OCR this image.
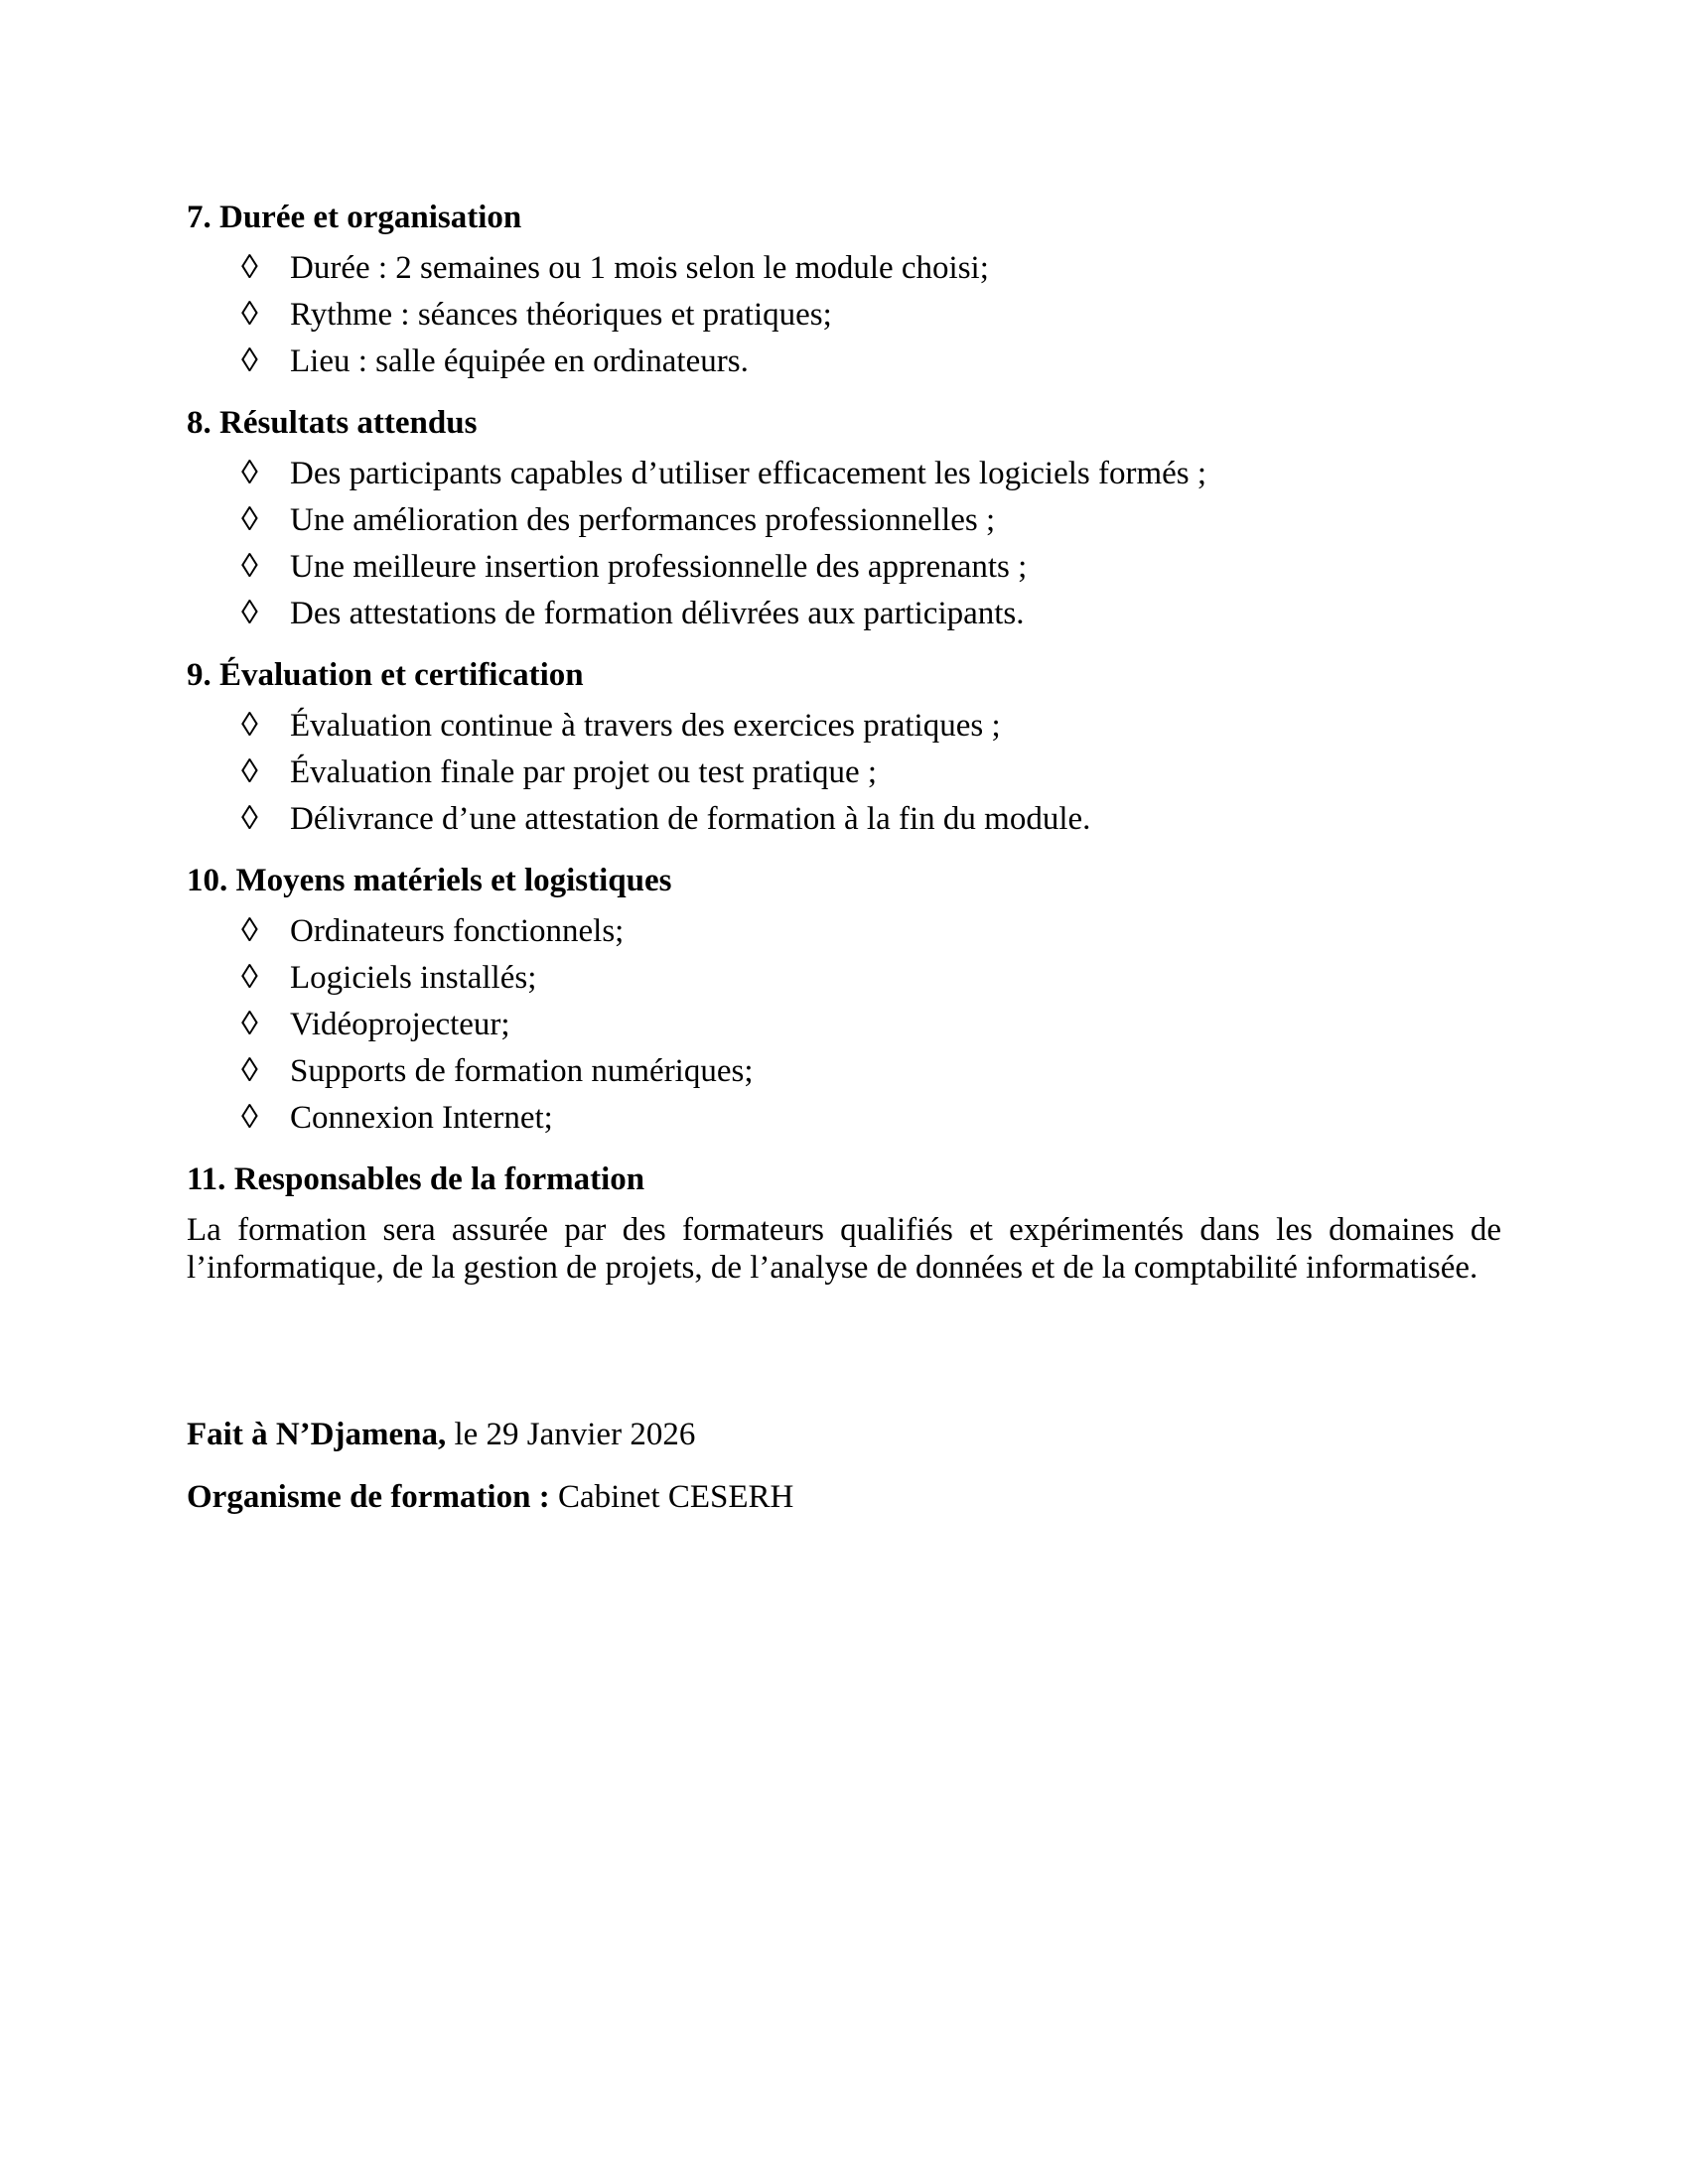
7. Durée et organisation
◊ Durée : 2 semaines ou 1 mois selon le module choisi;
◊ Rythme : séances théoriques et pratiques;
◊ Lieu : salle équipée en ordinateurs.
8. Résultats attendus
◊ Des participants capables d’utiliser efficacement les logiciels formés ;
◊ Une amélioration des performances professionnelles ;
◊ Une meilleure insertion professionnelle des apprenants ;
◊ Des attestations de formation délivrées aux participants.
9. Évaluation et certification
◊ Évaluation continue à travers des exercices pratiques ;
◊ Évaluation finale par projet ou test pratique ;
◊ Délivrance d’une attestation de formation à la fin du module.
10. Moyens matériels et logistiques
◊ Ordinateurs fonctionnels;
◊ Logiciels installés;
◊ Vidéoprojecteur;
◊ Supports de formation numériques;
◊ Connexion Internet;
11. Responsables de la formation

La formation sera assurée par des formateurs qualifiés et expérimentés dans les domaines de l’informatique, de la gestion de projets, de l’analyse de données et de la comptabilité informatisée.

Fait à N’Djamena, le 29 Janvier 2026

Organisme de formation : Cabinet CESERH
